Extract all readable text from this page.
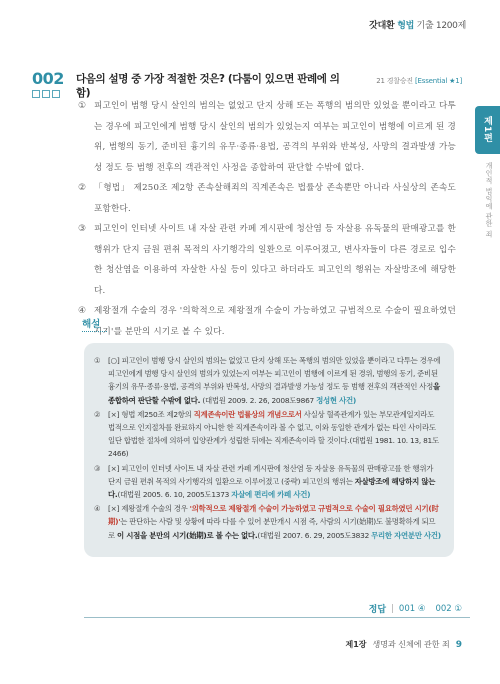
갓대환 형법 기출 1200제
002	다음의 설명 중 가장 적절한 것은? (다툼이 있으면 판례에 의함)
21 경찰승진 [Essential ★1]
① 피고인이 범행 당시 살인의 범의는 없었고 단지 상해 또는 폭행의 범의만 있었을 뿐이라고 다투는 경우에 피고인에게 범행 당시 살인의 범의가 있었는지 여부는 피고인이 범행에 이르게 된 경위, 범행의 동기, 준비된 흉기의 유무·종류·용법, 공격의 부위와 반복성, 사망의 결과발생 가능성 정도 등 범행 전후의 객관적인 사정을 종합하여 판단할 수밖에 없다.
② 「형법」 제250조 제2항 존속살해죄의 직계존속은 법률상 존속뿐만 아니라 사실상의 존속도 포함한다.
③ 피고인이 인터넷 사이트 내 자살 관련 카페 게시판에 청산염 등 자살용 유독물의 판매광고를 한 행위가 단지 금원 편취 목적의 사기행각의 일환으로 이루어졌고, 변사자들이 다른 경로로 입수한 청산염을 이용하여 자살한 사실 등이 있다고 하더라도 피고인의 행위는 자살방조에 해당한다.
④ 제왕절개 수술의 경우 '의학적으로 제왕절개 수술이 가능하였고 규범적으로 수술이 필요하였던 시기'를 분만의 시기로 볼 수 있다.
제1편
개인적 법익에 관한 죄
해설
①	[○] 피고인이 범행 당시 살인의 범의는 없었고 단지 상해 또는 폭행의 범의만 있었을 뿐이라고 다투는 경우에 피고인에게 범행 당시 살인의 범의가 있었는지 여부는 피고인이 범행에 이르게 된 경위, 범행의 동기, 준비된 흉기의 유무·종류·용법, 공격의 부위와 반복성, 사망의 결과발생 가능성 정도 등 범행 전후의 객관적인 사정을 종합하여 판단할 수밖에 없다. (대법원 2009. 2. 26, 2008도9867 정성현 사건)
②	[×] 형법 제250조 제2항의 직계존속이란 법률상의 개념으로서 사실상 혈족관계가 있는 부모관계일지라도 법적으로 인지절차를 완료하지 아니한 한 직계존속이라 볼 수 없고, 이와 동일한 관계가 없는 타인 사이라도 일단 합법한 절차에 의하여 입양관계가 성립한 뒤에는 직계존속이라 할 것이다.(대법원 1981. 10. 13, 81도2466)
③	[×] 피고인이 인터넷 사이트 내 자살 관련 카페 게시판에 청산염 등 자살용 유독물의 판매광고를 한 행위가 단지 금원 편취 목적의 사기행각의 일환으로 이루어졌고 (중략) 피고인의 행위는 자살방조에 해당하지 않는다.(대법원 2005. 6. 10, 2005도1373 자살에 편리에 카페 사건)
④	[×] 제왕절개 수술의 경우 '의학적으로 제왕절개 수술이 가능하였고 규범적으로 수술이 필요하였던 시기(时期)'는 판단하는 사람 및 상황에 따라 다를 수 있어 분만개시 시점 즉, 사람의 시기(始期)도 불명확하게 되므로 이 시점을 분만의 시기(始期)로 볼 수는 없다.(대법원 2007. 6. 29, 2005도3832 무리한 자연분만 사건)
정답 | 001 ④ 002 ①
제1장 생명과 신체에 관한 죄 9
